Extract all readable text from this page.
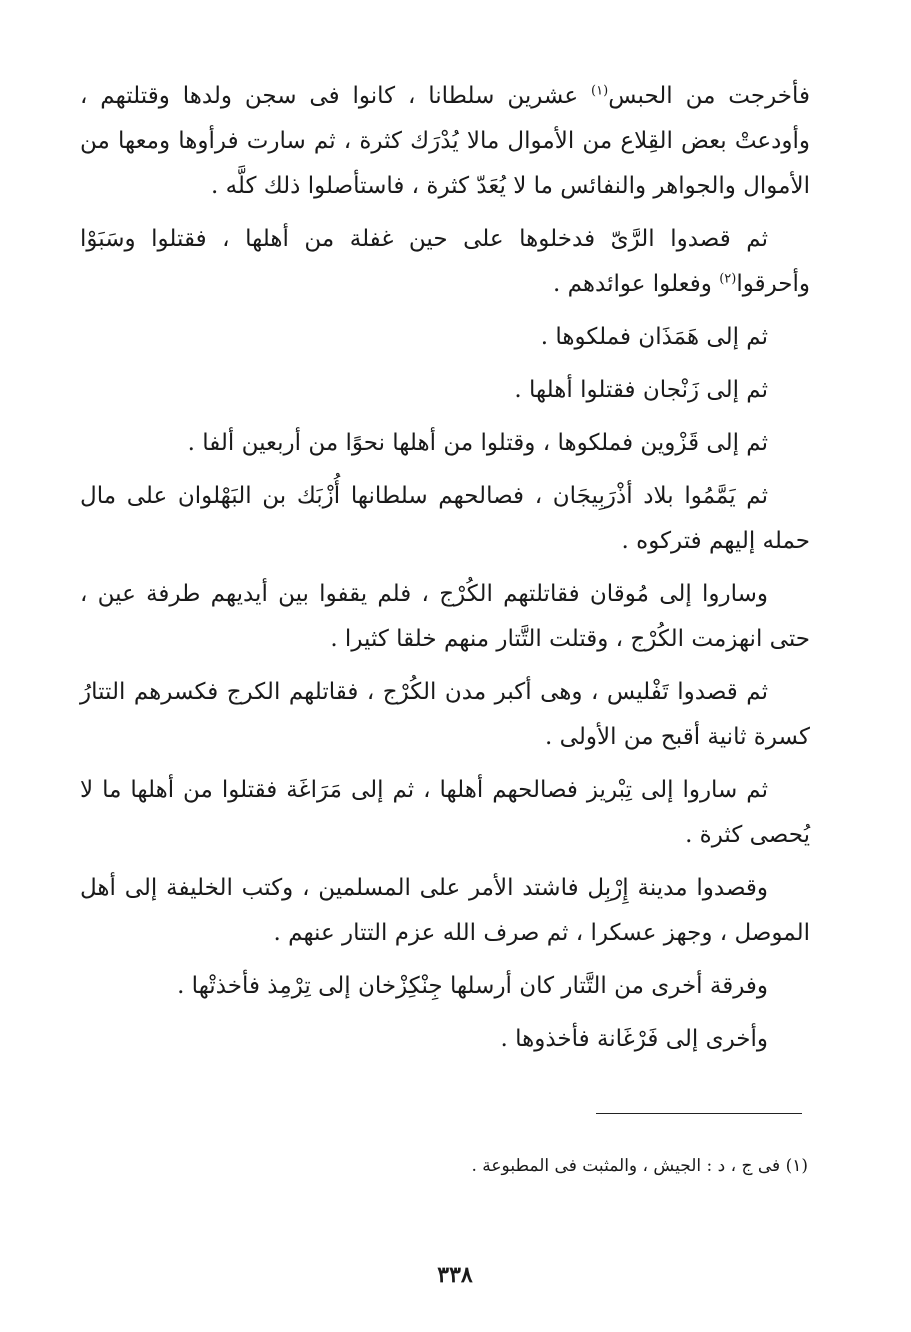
فأخرجت من الحبس$^{(١)}$ عشرين سلطانا ، كانوا فى سجن ولدها وقتلتهم ، وأودعتْ بعض القِلاع من الأموال مالا يُدْرَك كثرة ، ثم سارت فرأوها ومعها من الأموال والجواهر والنفائس ما لا يُعَدّ كثرة ، فاستأصلوا ذلك كلَّه .

ثم قصدوا الرَّىّ فدخلوها على حين غفلة من أهلها ، فقتلوا وسَبَوْا وأحرقوا$^{(٢)}$ وفعلوا عوائدهم .

ثم إلى هَمَذَان فملكوها .

ثم إلى زَنْجان فقتلوا أهلها .

ثم إلى قَزْوين فملكوها ، وقتلوا من أهلها نحوًا من أربعين ألفا .

ثم يَمَّمُوا بلاد أذْرَبِيجَان ، فصالحهم سلطانها أُزْبَك بن البَهْلوان على مال حمله إليهم فتركوه .

وساروا إلى مُوقان فقاتلتهم الكُرْج ، فلم يقفوا بين أيديهم طرفة عين ، حتى انهزمت الكُرْج ، وقتلت التَّتار منهم خلقا كثيرا .

ثم قصدوا تَفْليس ، وهى أكبر مدن الكُرْج ، فقاتلهم الكرج فكسرهم التتارُ كسرة ثانية أقبح من الأولى .

ثم ساروا إلى تِبْريز فصالحهم أهلها ، ثم إلى مَرَاغَة فقتلوا من أهلها ما لا يُحصى كثرة .

وقصدوا مدينة إِرْبِل فاشتد الأمر على المسلمين ، وكتب الخليفة إلى أهل الموصل ، وجهز عسكرا ، ثم صرف الله عزم التتار عنهم .

وفرقة أخرى من التَّتار كان أرسلها جِنْكِزْخان إلى تِرْمِذ فأخذتْها .

وأخرى إلى فَرْغَانة فأخذوها .

(١) فى ج ، د : الجيش ، والمثبت فى المطبوعة .
٣٣٨
